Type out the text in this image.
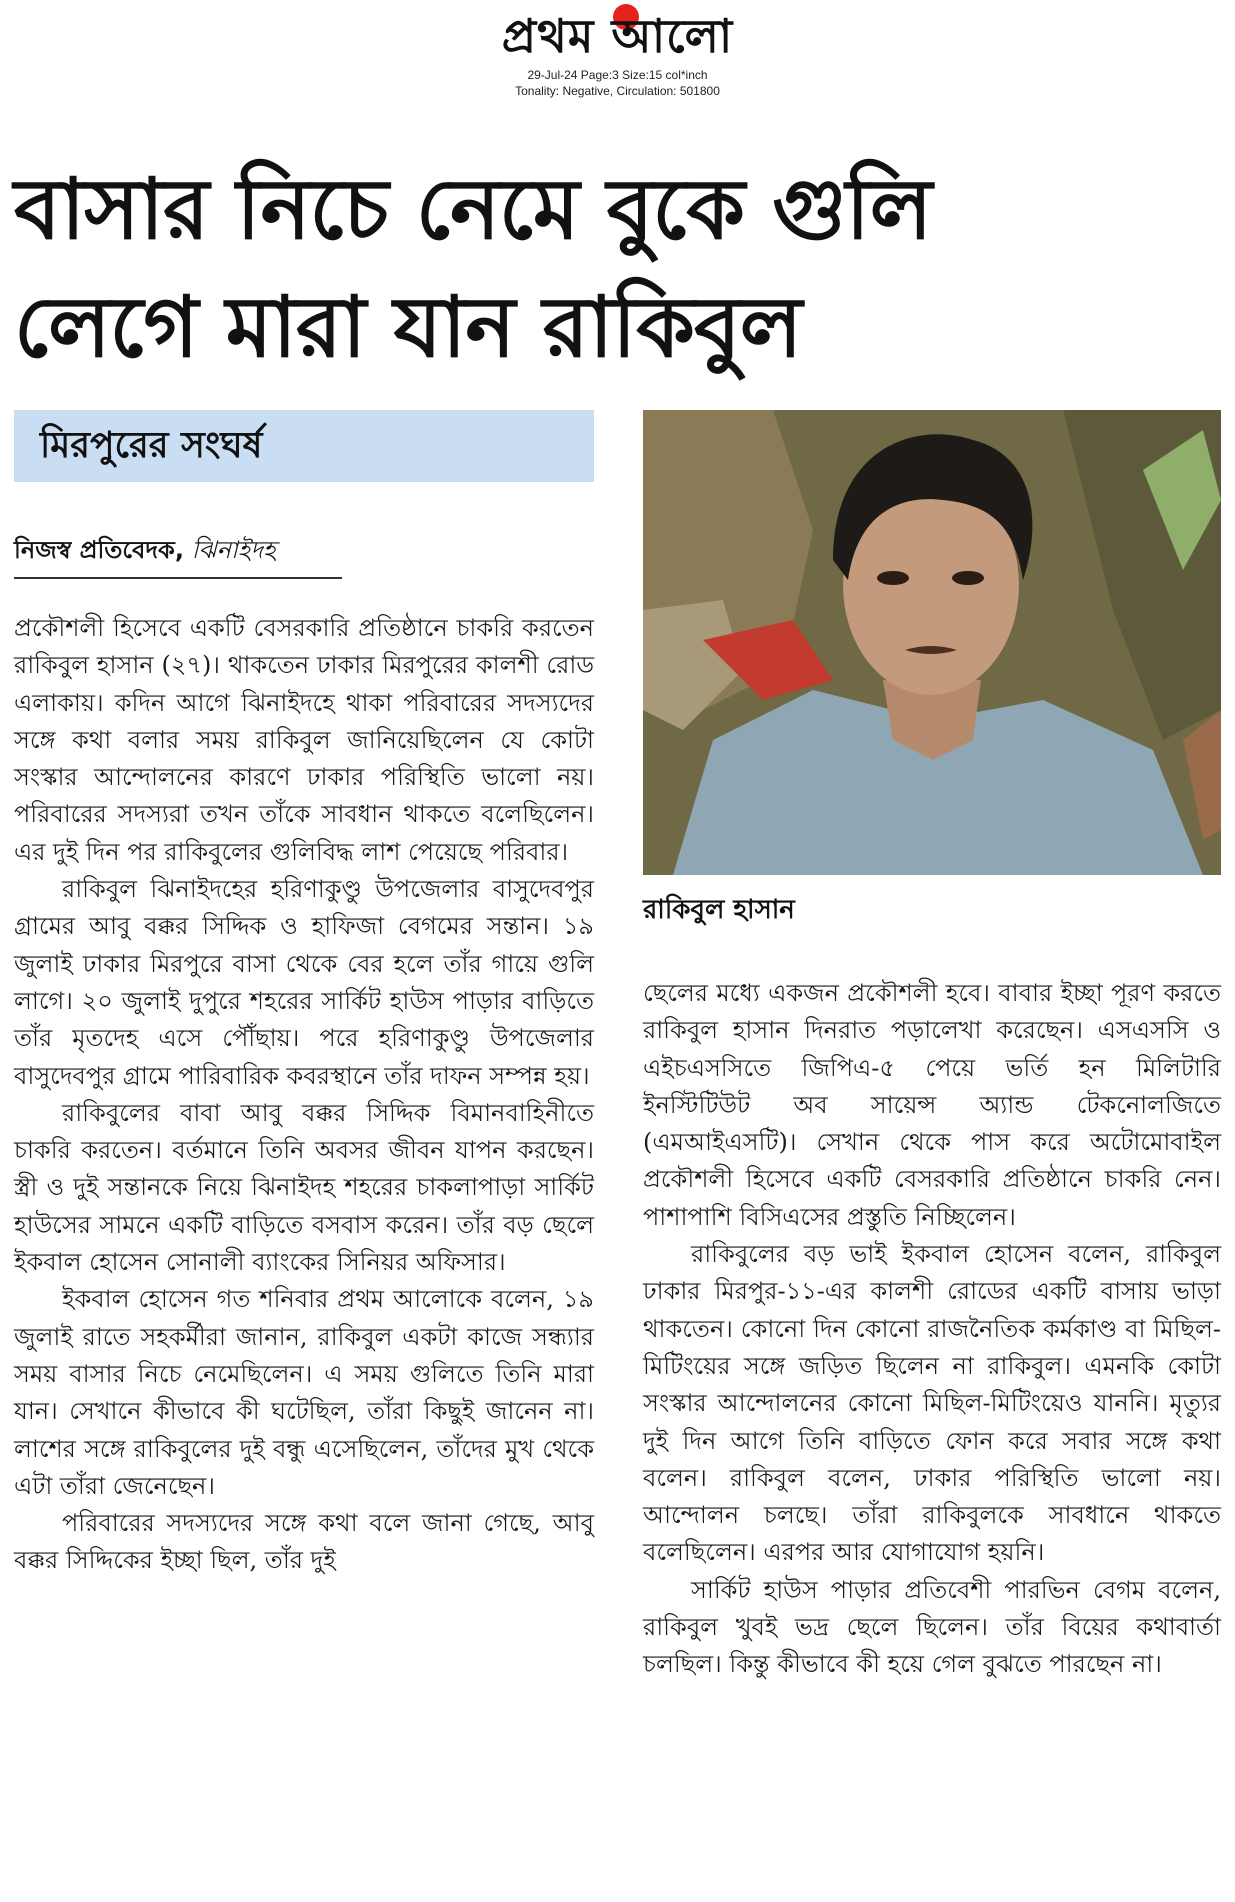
প্রথম আলো
29-Jul-24 Page:3 Size:15 col*inch
Tonality: Negative, Circulation: 501800
বাসার নিচে নেমে বুকে গুলি
লেগে মারা যান রাকিবুল
মিরপুরের সংঘর্ষ
নিজস্ব প্রতিবেদক, ঝিনাইদহ

প্রকৌশলী হিসেবে একটি বেসরকারি প্রতিষ্ঠানে চাকরি করতেন রাকিবুল হাসান (২৭)। থাকতেন ঢাকার মিরপুরের কালশী রোড এলাকায়। কদিন আগে ঝিনাইদহে থাকা পরিবারের সদস্যদের সঙ্গে কথা বলার সময় রাকিবুল জানিয়েছিলেন যে কোটা সংস্কার আন্দোলনের কারণে ঢাকার পরিস্থিতি ভালো নয়। পরিবারের সদস্যরা তখন তাঁকে সাবধান থাকতে বলেছিলেন। এর দুই দিন পর রাকিবুলের গুলিবিদ্ধ লাশ পেয়েছে পরিবার।

রাকিবুল ঝিনাইদহের হরিণাকুণ্ডু উপজেলার বাসুদেবপুর গ্রামের আবু বক্কর সিদ্দিক ও হাফিজা বেগমের সন্তান। ১৯ জুলাই ঢাকার মিরপুরে বাসা থেকে বের হলে তাঁর গায়ে গুলি লাগে। ২০ জুলাই দুপুরে শহরের সার্কিট হাউস পাড়ার বাড়িতে তাঁর মৃতদেহ এসে পৌঁছায়। পরে হরিণাকুণ্ডু উপজেলার বাসুদেবপুর গ্রামে পারিবারিক কবরস্থানে তাঁর দাফন সম্পন্ন হয়।

রাকিবুলের বাবা আবু বক্কর সিদ্দিক বিমানবাহিনীতে চাকরি করতেন। বর্তমানে তিনি অবসর জীবন যাপন করছেন। স্ত্রী ও দুই সন্তানকে নিয়ে ঝিনাইদহ শহরের চাকলাপাড়া সার্কিট হাউসের সামনে একটি বাড়িতে বসবাস করেন। তাঁর বড় ছেলে ইকবাল হোসেন সোনালী ব্যাংকের সিনিয়র অফিসার।

ইকবাল হোসেন গত শনিবার প্রথম আলোকে বলেন, ১৯ জুলাই রাতে সহকর্মীরা জানান, রাকিবুল একটা কাজে সন্ধ্যার সময় বাসার নিচে নেমেছিলেন। এ সময় গুলিতে তিনি মারা যান। সেখানে কীভাবে কী ঘটেছিল, তাঁরা কিছুই জানেন না। লাশের সঙ্গে রাকিবুলের দুই বন্ধু এসেছিলেন, তাঁদের মুখ থেকে এটা তাঁরা জেনেছেন।

পরিবারের সদস্যদের সঙ্গে কথা বলে জানা গেছে, আবু বক্কর সিদ্দিকের ইচ্ছা ছিল, তাঁর দুই

রাকিবুল হাসান

ছেলের মধ্যে একজন প্রকৌশলী হবে। বাবার ইচ্ছা পূরণ করতে রাকিবুল হাসান দিনরাত পড়ালেখা করেছেন। এসএসসি ও এইচএসসিতে জিপিএ-৫ পেয়ে ভর্তি হন মিলিটারি ইনস্টিটিউট অব সায়েন্স অ্যান্ড টেকনোলজিতে (এমআইএসটি)। সেখান থেকে পাস করে অটোমোবাইল প্রকৌশলী হিসেবে একটি বেসরকারি প্রতিষ্ঠানে চাকরি নেন। পাশাপাশি বিসিএসের প্রস্তুতি নিচ্ছিলেন।

রাকিবুলের বড় ভাই ইকবাল হোসেন বলেন, রাকিবুল ঢাকার মিরপুর-১১-এর কালশী রোডের একটি বাসায় ভাড়া থাকতেন। কোনো দিন কোনো রাজনৈতিক কর্মকাণ্ড বা মিছিল-মিটিংয়ের সঙ্গে জড়িত ছিলেন না রাকিবুল। এমনকি কোটা সংস্কার আন্দোলনের কোনো মিছিল-মিটিংয়েও যাননি। মৃত্যুর দুই দিন আগে তিনি বাড়িতে ফোন করে সবার সঙ্গে কথা বলেন। রাকিবুল বলেন, ঢাকার পরিস্থিতি ভালো নয়। আন্দোলন চলছে। তাঁরা রাকিবুলকে সাবধানে থাকতে বলেছিলেন। এরপর আর যোগাযোগ হয়নি।

সার্কিট হাউস পাড়ার প্রতিবেশী পারভিন বেগম বলেন, রাকিবুল খুবই ভদ্র ছেলে ছিলেন। তাঁর বিয়ের কথাবার্তা চলছিল। কিন্তু কীভাবে কী হয়ে গেল বুঝতে পারছেন না।
